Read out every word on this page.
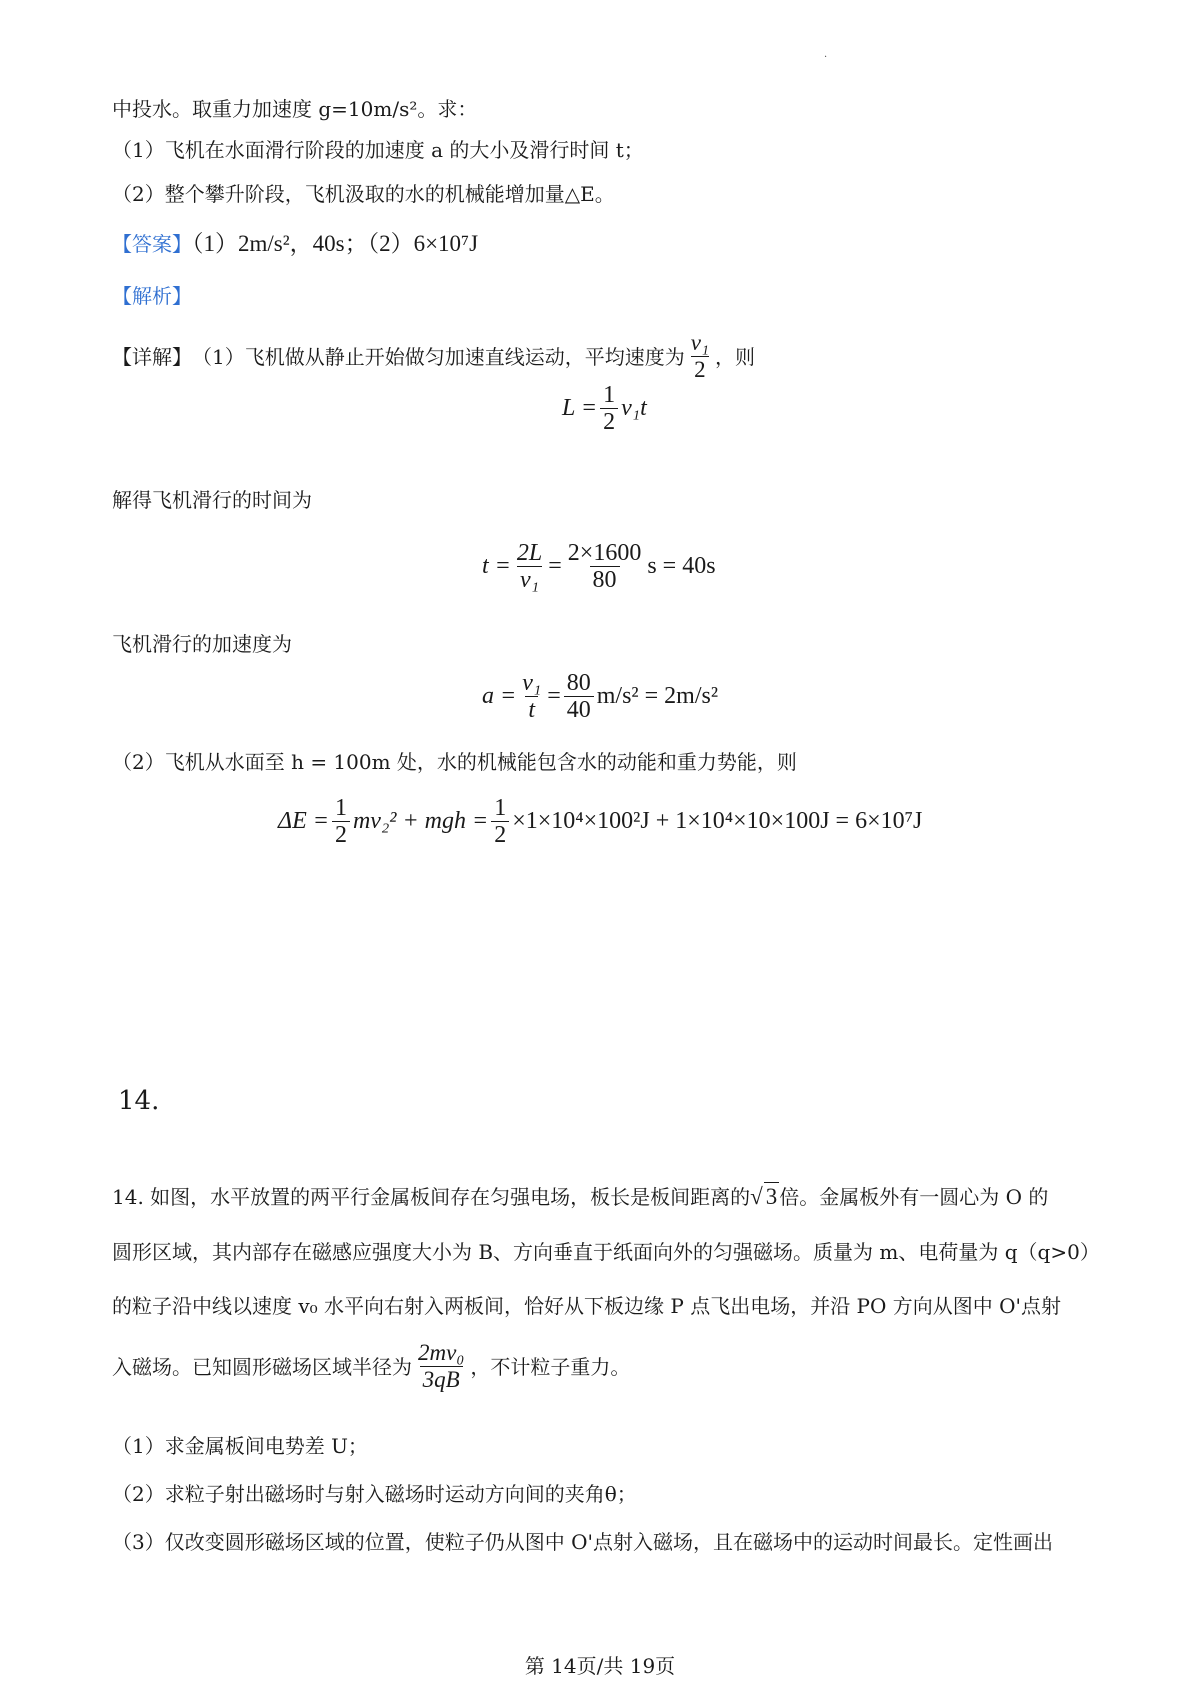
·
中投水。取重力加速度 g=10m/s²。求：
（1）飞机在水面滑行阶段的加速度 a 的大小及滑行时间 t；
（2）整个攀升阶段，飞机汲取的水的机械能增加量△E。
【答案】（1）2m/s²，40s；（2）6×10⁷J
【解析】
【详解】 （1）飞机做从静止开始做匀加速直线运动，平均速度为 $\frac{\text{v₁}}{2}$ ，则
$L = \frac{1}{2} v_1t$
解得飞机滑行的时间为
$t = \frac{2L}{\text{v₁}} = \frac{2\times 1600}{80}$ s = 40s
飞机滑行的加速度为
$a = \frac{\text{v₁}}{t} = \frac{80}{40} m/s^2 = 2m/s^2$
（2）飞机从水面至 h = 100m 处，水的机械能包含水的动能和重力势能，则
$\Delta E = \frac{1}{2} mv_2^2$ + mgh = $\frac{1}{2} \times 1\times 10^4\times 100^2J + 1\times 10^4\times 10\times 100J = 6\times 10^7J$
14.
14. 如图，水平放置的两平行金属板间存在匀强电场，板长是板间距离的√ 3 倍。金属板外有一圆心为 O 的
圆形区域，其内部存在磁感应强度大小为 B、方向垂直于纸面向外的匀强磁场。质量为 m、电荷量为 q（q>0）
的粒子沿中线以速度 v₀ 水平向右射入两板间，恰好从下板边缘 P 点飞出电场，并沿 PO 方向从图中 O'点射
入磁场。已知圆形磁场区域半径为 $\frac{\text{2mv₀}}{3qB}$ ，不计粒子重力。
（1）求金属板间电势差 U；
（2）求粒子射出磁场时与射入磁场时运动方向间的夹角θ；
（3）仅改变圆形磁场区域的位置，使粒子仍从图中 O'点射入磁场，且在磁场中的运动时间最长。定性画出
第 14页/共 19页
